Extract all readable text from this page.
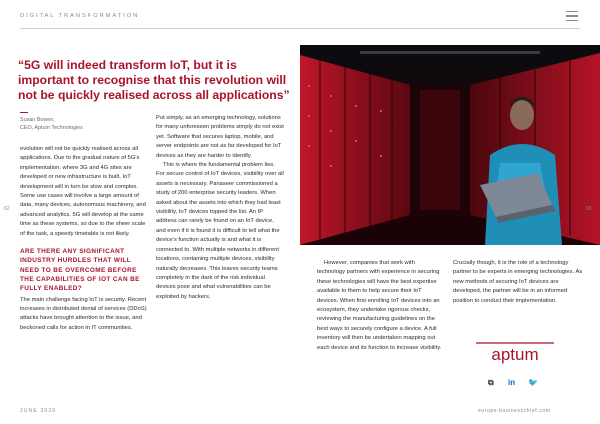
DIGITAL TRANSFORMATION
“5G will indeed transform IoT, but it is important to recognise that this revolution will not be quickly realised across all applications”
Susan Bowen,
CEO, Aptum Technologies

evolution will not be quickly realised across all applications. Due to the gradual nature of 5G's implementation, where 3G and 4G sites are developed or new infrastructure is built, IoT development will in turn be slow and complex. Some use cases will involve a large amount of data, many devices, autonomous machinery, and advanced analytics. 5G will develop at the same time as these systems, so due to the sheer scale of the task, a speedy timetable is not likely.

ARE THERE ANY SIGNIFICANT INDUSTRY HURDLES THAT WILL NEED TO BE OVERCOME BEFORE THE CAPABILITIES OF IOT CAN BE FULLY ENABLED?

The main challenge facing IoT is security. Recent increases in distributed denial of services (DDoS) attacks have brought attention to the issue, and beckoned calls for action in IT communities.

Put simply, as an emerging technology, solutions for many unforeseen problems simply do not exist yet. Software that secures laptop, mobile, and server endpoints are not as far developed for IoT devices as they are harder to identify.

This is where the fundamental problem lies. For secure control of IoT devices, visibility over all assets is necessary. Panaseer commissioned a study of 200 enterprise security leaders. When asked about the assets into which they had least visibility, IoT devices topped the list. An IP address can rarely be found on an IoT device, and even if it is found it is difficult to tell what the device's function actually is and what it is connected to. With multiple networks in different locations, containing multiple devices, visibility naturally decreases. This leaves security teams completely in the dark of the risk individual devices pose and what vulnerabilities can be exploited by hackers.

However, companies that work with technology partners with experience in securing these technologies will have the best expertise available to them to help secure their IoT devices. When first enrolling IoT devices into an ecosystem, they undertake rigorous checks, reviewing the manufacturing guidelines on the best ways to securely configure a device. A full inventory will then be undertaken mapping out each device and its function to increase visibility.

Crucially though, it is the role of a technology partner to be experts in emerging technologies. As new methods of securing IoT devices are developed, the partner will be in an informed position to conduct their implementation.

aptum
⧉ in 🐦
62	63
JUNE 2020	europe.businesschief.com
